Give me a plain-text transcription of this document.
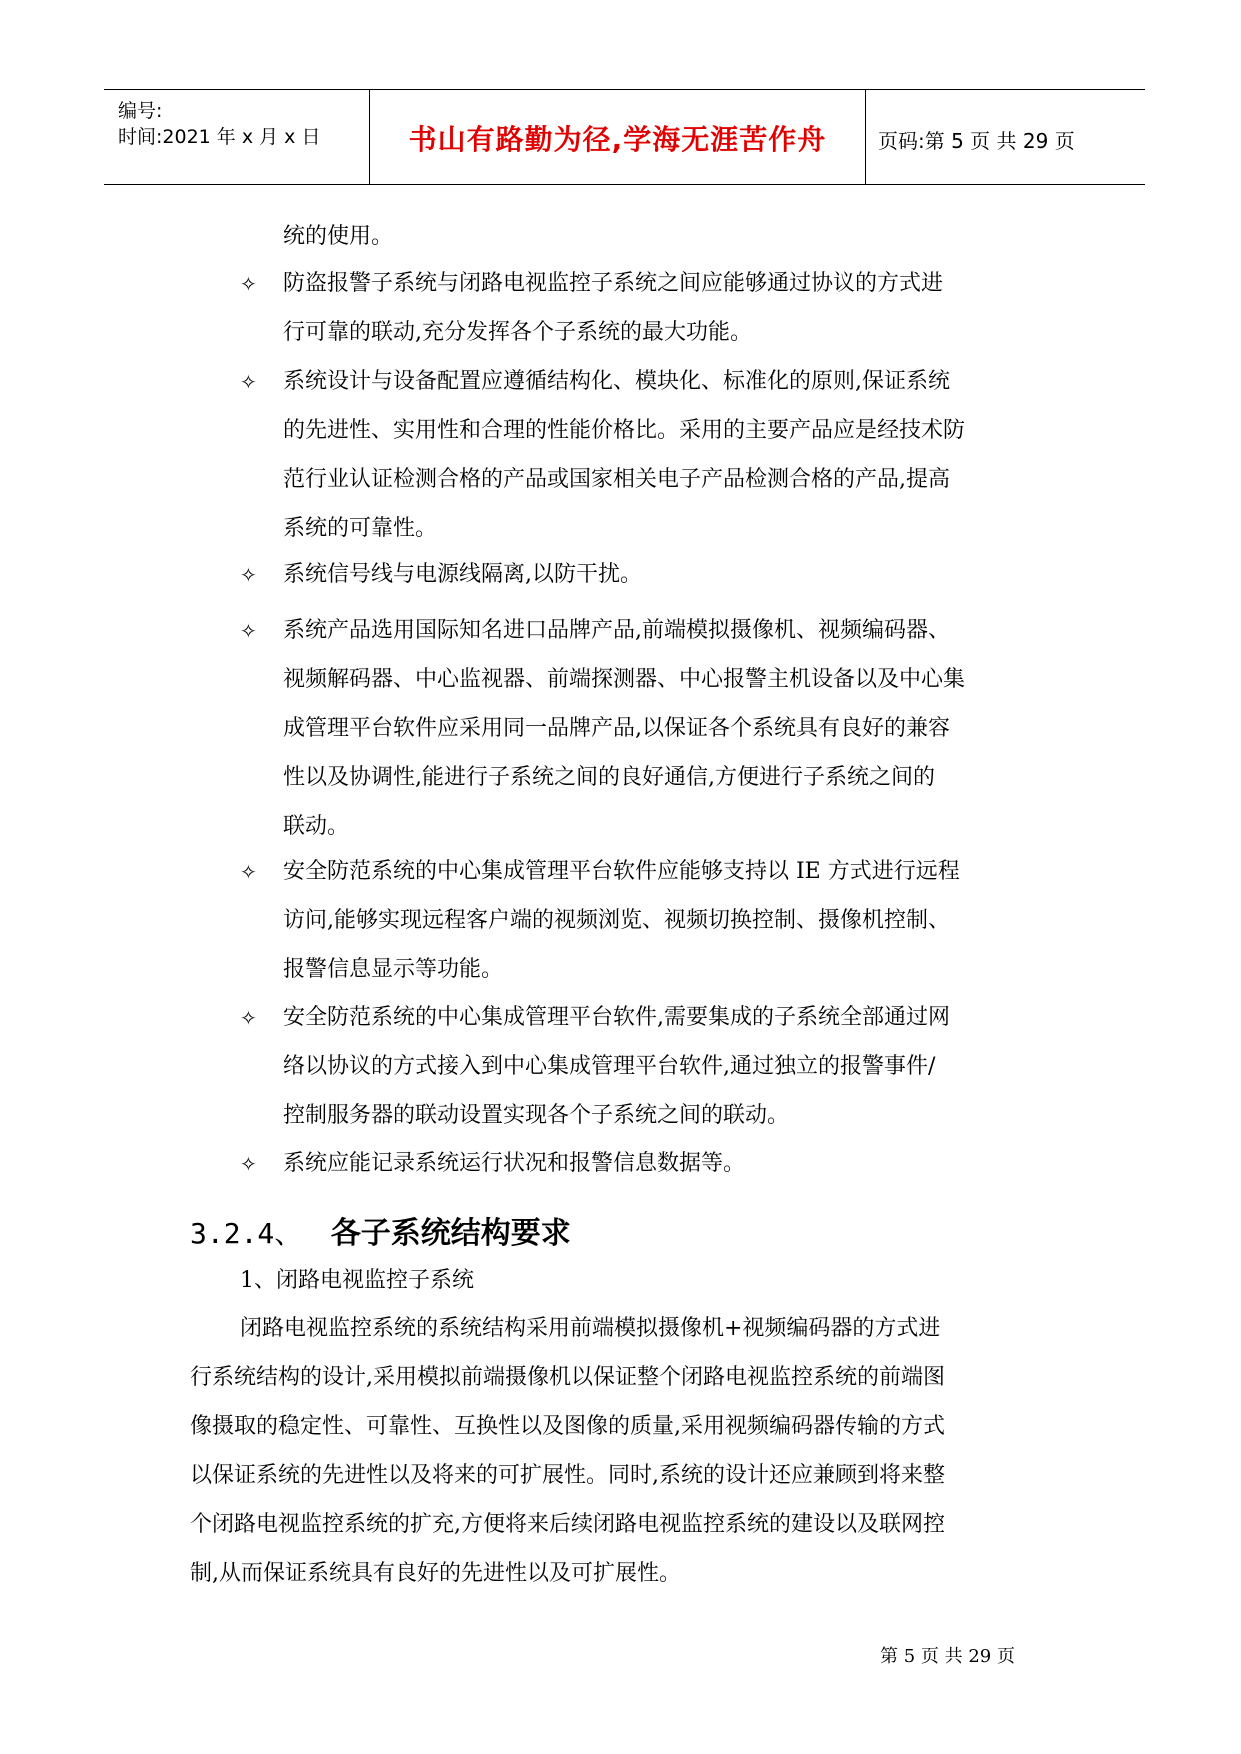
编号:
时间:2021 年 x 月 x 日	书山有路勤为径,学海无涯苦作舟	页码:第 5 页 共 29 页
统的使用。
✧ 防盗报警子系统与闭路电视监控子系统之间应能够通过协议的方式进
行可靠的联动,充分发挥各个子系统的最大功能。
✧ 系统设计与设备配置应遵循结构化、模块化、标准化的原则,保证系统
的先进性、实用性和合理的性能价格比。采用的主要产品应是经技术防
范行业认证检测合格的产品或国家相关电子产品检测合格的产品,提高
系统的可靠性。
✧ 系统信号线与电源线隔离,以防干扰。
✧ 系统产品选用国际知名进口品牌产品,前端模拟摄像机、视频编码器、
视频解码器、中心监视器、前端探测器、中心报警主机设备以及中心集
成管理平台软件应采用同一品牌产品,以保证各个系统具有良好的兼容
性以及协调性,能进行子系统之间的良好通信,方便进行子系统之间的
联动。
✧ 安全防范系统的中心集成管理平台软件应能够支持以 IE 方式进行远程
访问,能够实现远程客户端的视频浏览、视频切换控制、摄像机控制、
报警信息显示等功能。
✧ 安全防范系统的中心集成管理平台软件,需要集成的子系统全部通过网
络以协议的方式接入到中心集成管理平台软件,通过独立的报警事件/
控制服务器的联动设置实现各个子系统之间的联动。
✧ 系统应能记录系统运行状况和报警信息数据等。
3.2.4、 各子系统结构要求
1、闭路电视监控子系统
闭路电视监控系统的系统结构采用前端模拟摄像机+视频编码器的方式进
行系统结构的设计,采用模拟前端摄像机以保证整个闭路电视监控系统的前端图
像摄取的稳定性、可靠性、互换性以及图像的质量,采用视频编码器传输的方式
以保证系统的先进性以及将来的可扩展性。同时,系统的设计还应兼顾到将来整
个闭路电视监控系统的扩充,方便将来后续闭路电视监控系统的建设以及联网控
制,从而保证系统具有良好的先进性以及可扩展性。
第 5 页 共 29 页
